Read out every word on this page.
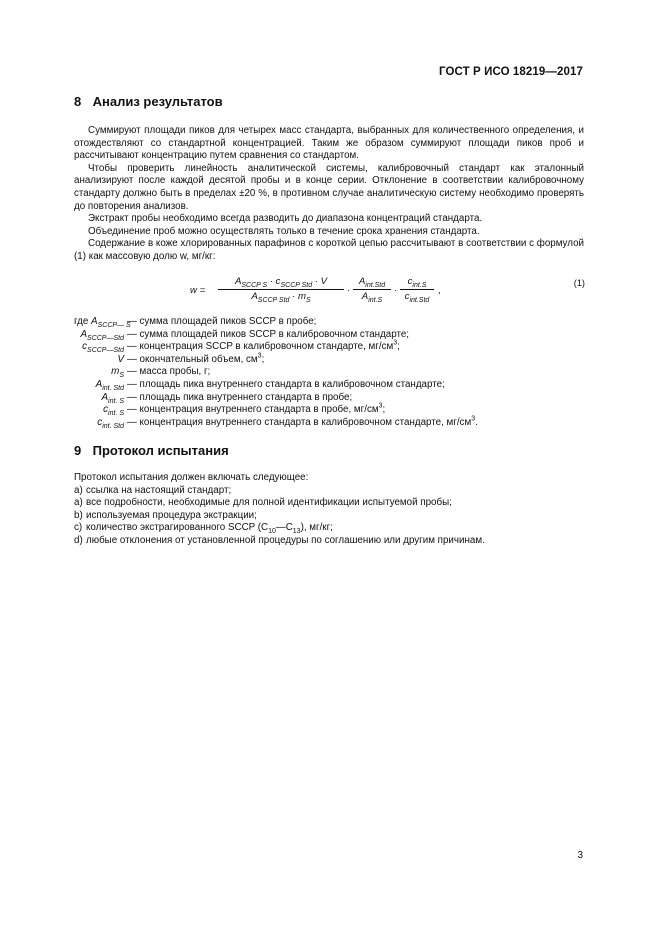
ГОСТ Р ИСО 18219—2017
8 Анализ результатов

Суммируют площади пиков для четырех масс стандарта, выбранных для количественного определения, и отождествляют со стандартной концентрацией. Таким же образом суммируют площади пиков проб и рассчитывают концентрацию путем сравнения со стандартом.

Чтобы проверить линейность аналитической системы, калибровочный стандарт как эталонный анализируют после каждой десятой пробы и в конце серии. Отклонение в соответствии калибровочному стандарту должно быть в пределах ±20 %, в противном случае аналитическую систему необходимо проверять до повторения анализов.

Экстракт пробы необходимо всегда разводить до диапазона концентраций стандарта.

Объединение проб можно осуществлять только в течение срока хранения стандарта.

Содержание в коже хлорированных парафинов с короткой цепью рассчитывают в соответствии с формулой (1) как массовую долю w, мг/кг:

w =
$A_{SCCP S} \cdot c_{SCCP Std} \cdot V$
$A_{SCCP Std} \cdot m_S$
·
$A_{int.Std}$
$A_{int.S}$
·
$c_{int.S}$
$c_{int.Std}$
,
(1)
где $A_{SCCP— S}$
— сумма площадей пиков SCCP в пробе;
$A_{SCCP—Std}$ — сумма площадей пиков SCCP в калибровочном стандарте;
$c_{SCCP—Std}$ — концентрация SCCP в калибровочном стандарте, $мг/см^3$;
V — окончательный объем, $см^3$;
$m_S$ — масса пробы, г;
$A_{int. Std}$ — площадь пика внутреннего стандарта в калибровочном стандарте;
$A_{int. S}$ — площадь пика внутреннего стандарта в пробе;
$c_{int. S}$ — концентрация внутреннего стандарта в пробе, $мг/см^3$;
$c_{int. Std}$ — концентрация внутреннего стандарта в калибровочном стандарте, $мг/см^3$.
9 Протокол испытания
Протокол испытания должен включать следующее:
a) ссылка на настоящий стандарт;
a) все подробности, необходимые для полной идентификации испытуемой пробы;
b) используемая процедура экстракции;
c) количество экстрагированного SCCP $(C_{10}—C_{13})$, мг/кг;
d) любые отклонения от установленной процедуры по соглашению или другим причинам.
3
